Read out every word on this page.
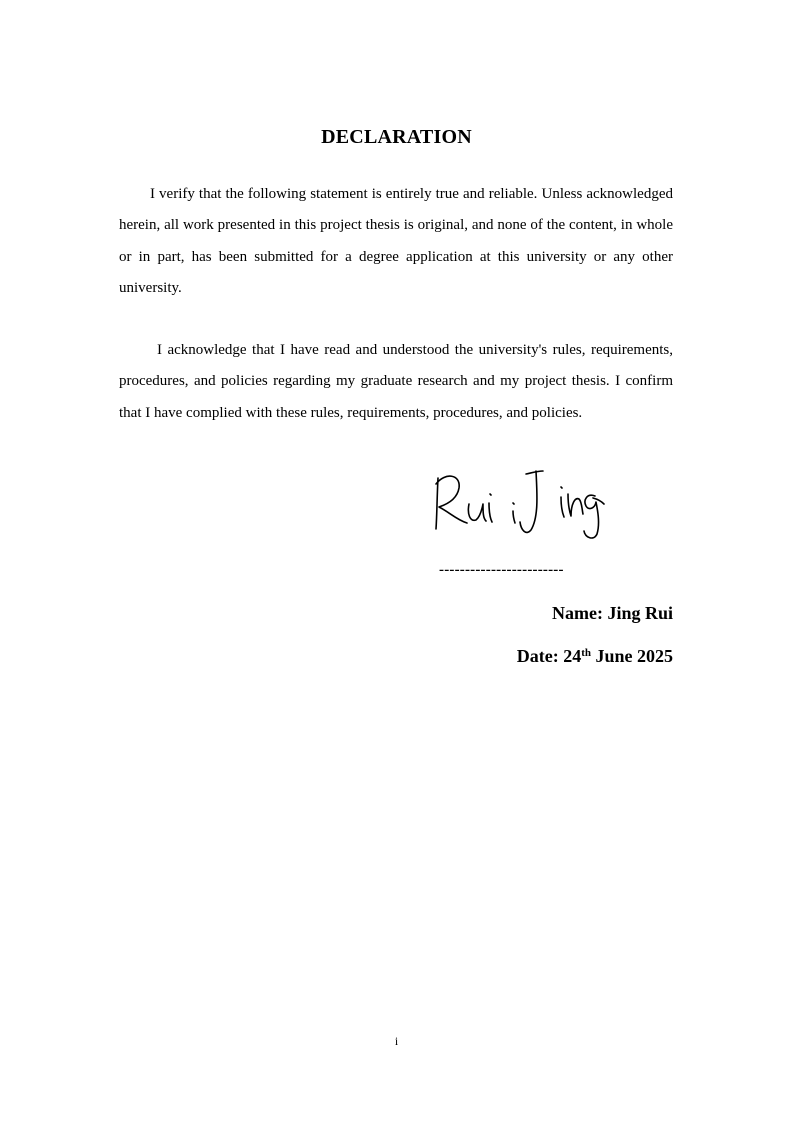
DECLARATION

I verify that the following statement is entirely true and reliable. Unless acknowledged herein, all work presented in this project thesis is original, and none of the content, in whole or in part, has been submitted for a degree application at this university or any other university.

I acknowledge that I have read and understood the university's rules, requirements, procedures, and policies regarding my graduate research and my project thesis. I confirm that I have complied with these rules, requirements, procedures, and policies.

------------------------
Name: Jing Rui
Date: 24th June 2025
i
